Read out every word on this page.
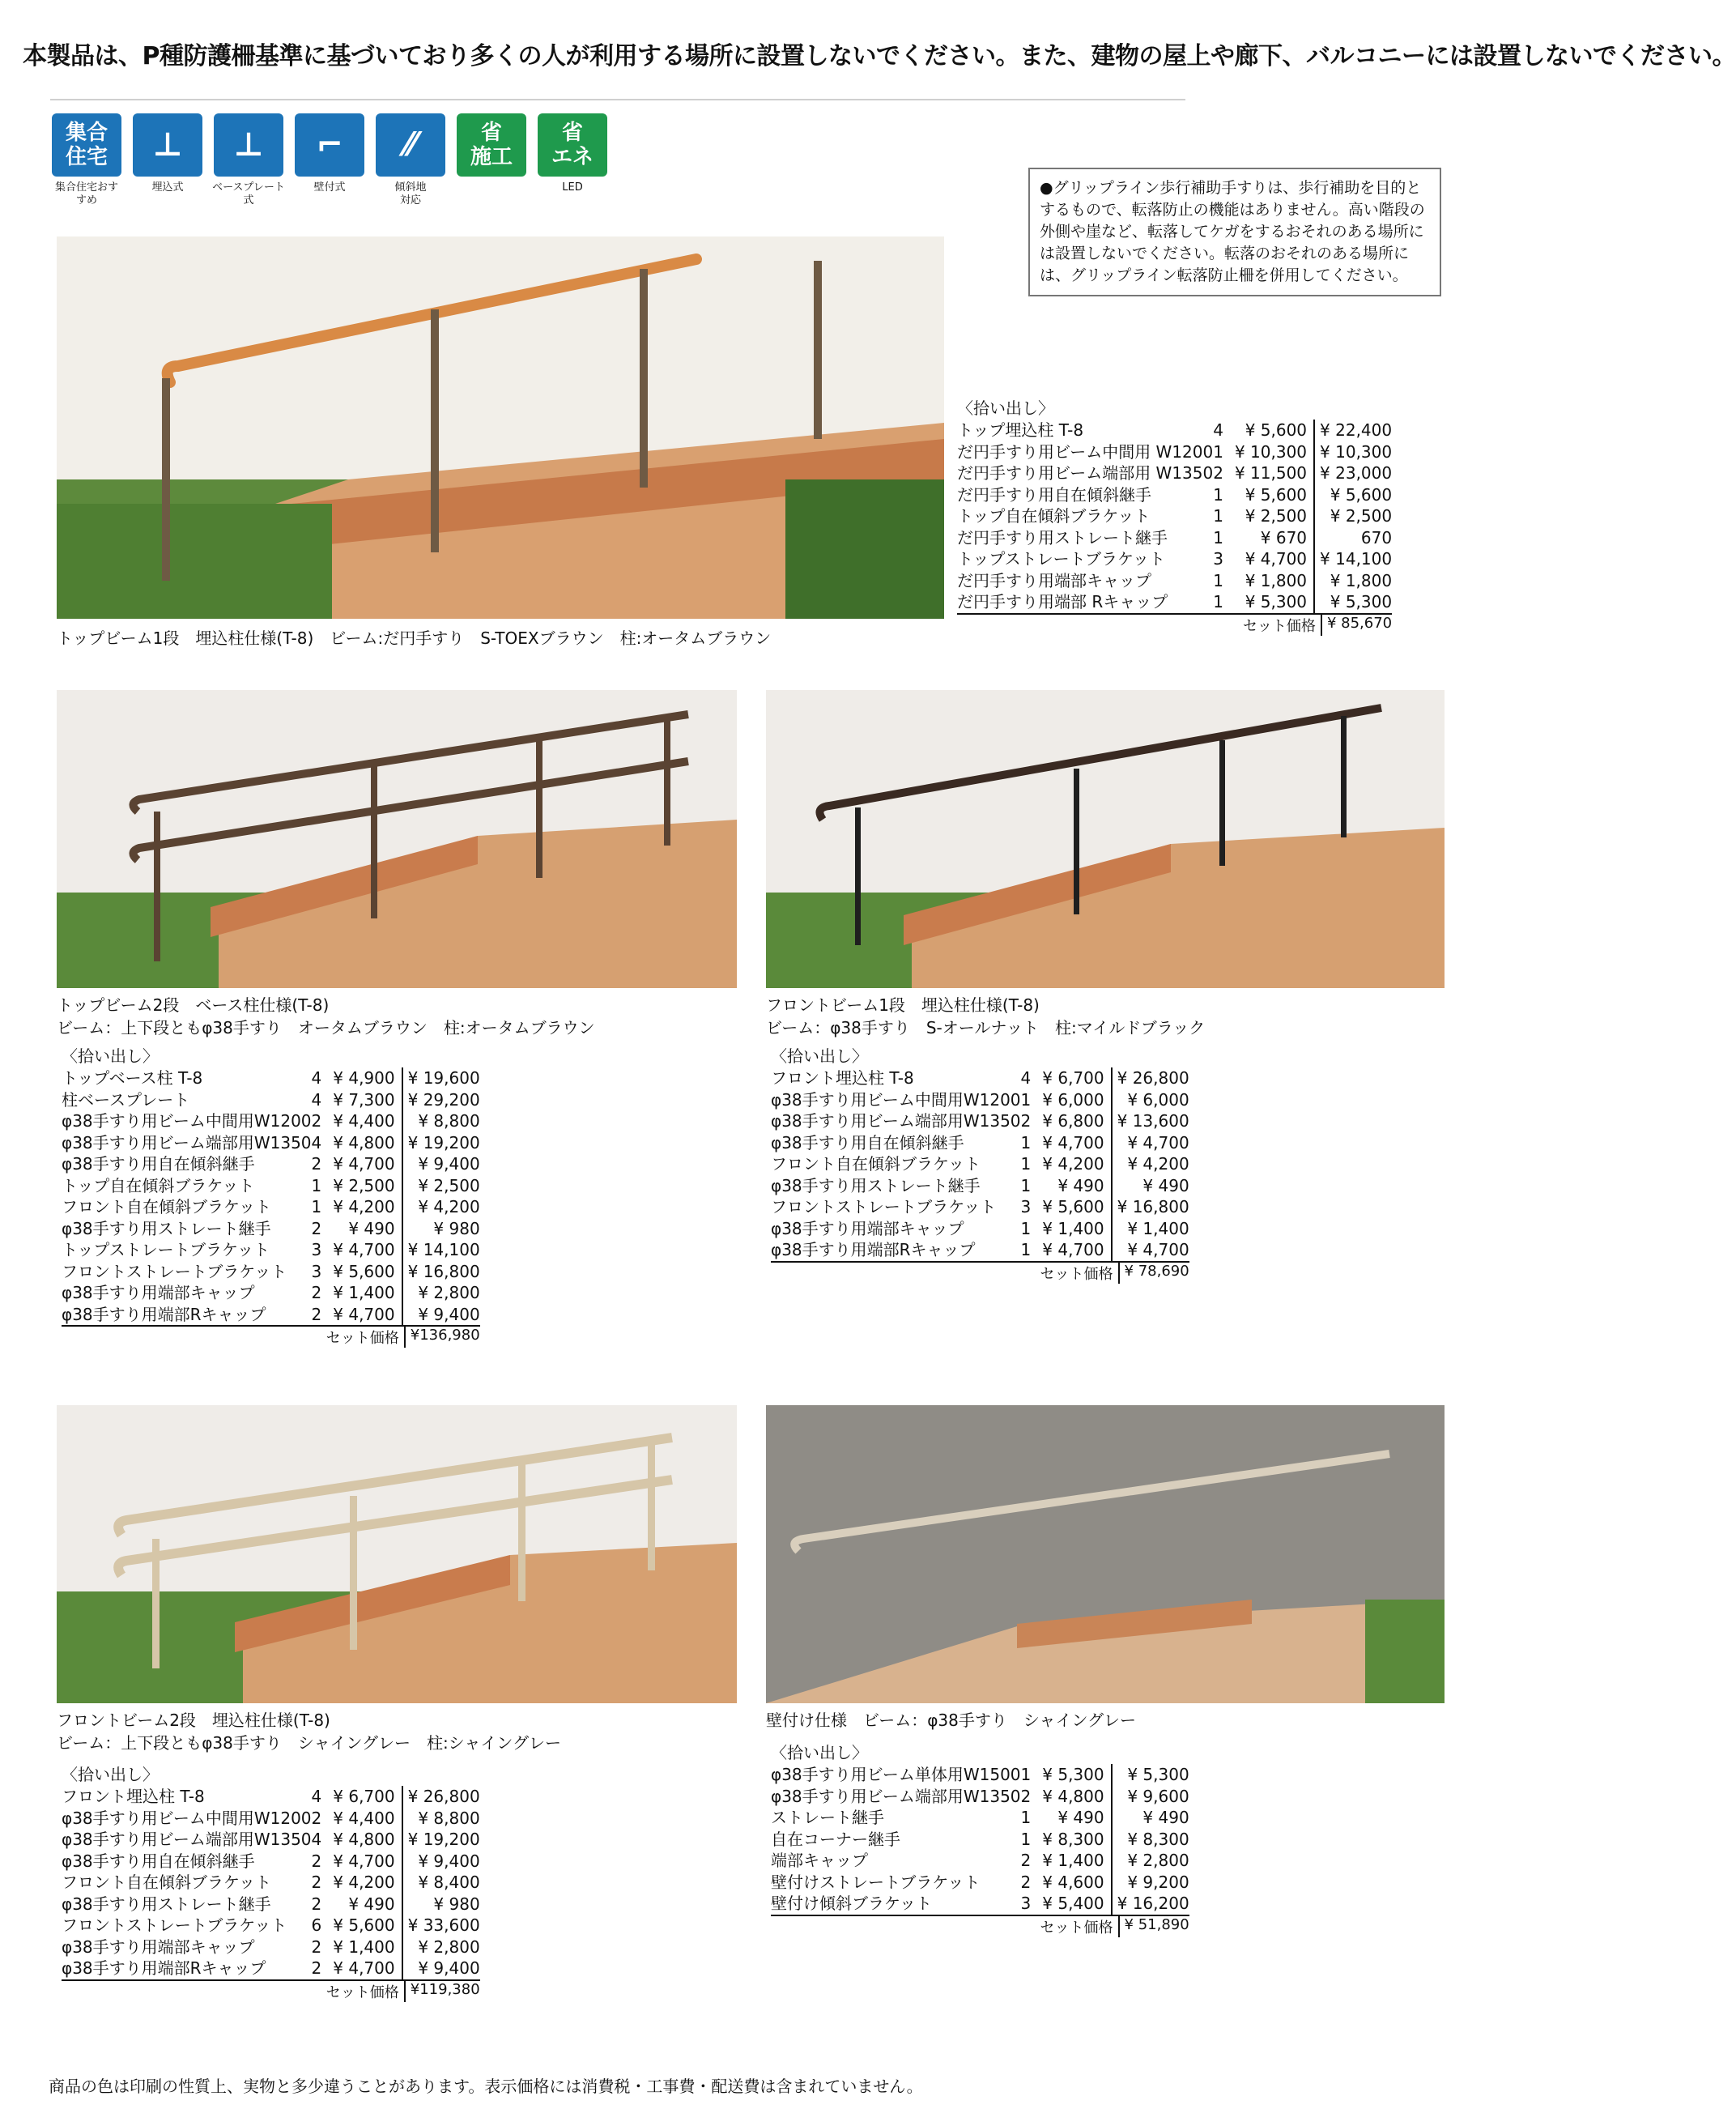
本製品は、P種防護柵基準に基づいており多くの人が利用する場所に設置しないでください。また、建物の屋上や廊下、バルコニーには設置しないでください。
集合
住宅
集合住宅おすすめ
⊥
埋込式
⊥
ベースプレート式
⌐
壁付式
⁄⁄
傾斜地
対応
省
施工
省
エネ
LED	●グリップライン歩行補助手すりは、歩行補助を目的とするもので、転落防止の機能はありません。高い階段の外側や崖など、転落してケガをするおそれのある場所には設置しないでください。転落のおそれのある場所には、グリップライン転落防止柵を併用してください。
トップビーム1段　埋込柱仕様(T-8)　ビーム:だ円手すり　S-TOEXブラウン　柱:オータムブラウン
〈拾い出し〉
トップ埋込柱 T-8	4	¥ 5,600	¥ 22,400
だ円手すり用ビーム中間用 W1200	1	¥ 10,300	¥ 10,300
だ円手すり用ビーム端部用 W1350	2	¥ 11,500	¥ 23,000
だ円手すり用自在傾斜継手	1	¥ 5,600	¥ 5,600
トップ自在傾斜ブラケット	1	¥ 2,500	¥ 2,500
だ円手すり用ストレート継手	1	¥ 670	670
トップストレートブラケット	3	¥ 4,700	¥ 14,100
だ円手すり用端部キャップ	1	¥ 1,800	¥ 1,800
だ円手すり用端部 Rキャップ	1	¥ 5,300	¥ 5,300
セット価格 ¥ 85,670
トップビーム2段　ベース柱仕様(T-8)
ビーム：上下段ともφ38手すり　オータムブラウン　柱:オータムブラウン
〈拾い出し〉
トップベース柱 T-8	4	¥ 4,900	¥ 19,600
柱ベースプレート	4	¥ 7,300	¥ 29,200
φ38手すり用ビーム中間用W1200	2	¥ 4,400	¥ 8,800
φ38手すり用ビーム端部用W1350	4	¥ 4,800	¥ 19,200
φ38手すり用自在傾斜継手	2	¥ 4,700	¥ 9,400
トップ自在傾斜ブラケット	1	¥ 2,500	¥ 2,500
フロント自在傾斜ブラケット	1	¥ 4,200	¥ 4,200
φ38手すり用ストレート継手	2	¥ 490	¥ 980
トップストレートブラケット	3	¥ 4,700	¥ 14,100
フロントストレートブラケット	3	¥ 5,600	¥ 16,800
φ38手すり用端部キャップ	2	¥ 1,400	¥ 2,800
φ38手すり用端部Rキャップ	2	¥ 4,700	¥ 9,400
セット価格 ¥136,980
フロントビーム1段　埋込柱仕様(T-8)
ビーム：φ38手すり　S-オールナット　柱:マイルドブラック
〈拾い出し〉
フロント埋込柱 T-8	4	¥ 6,700	¥ 26,800
φ38手すり用ビーム中間用W1200	1	¥ 6,000	¥ 6,000
φ38手すり用ビーム端部用W1350	2	¥ 6,800	¥ 13,600
φ38手すり用自在傾斜継手	1	¥ 4,700	¥ 4,700
フロント自在傾斜ブラケット	1	¥ 4,200	¥ 4,200
φ38手すり用ストレート継手	1	¥ 490	¥ 490
フロントストレートブラケット	3	¥ 5,600	¥ 16,800
φ38手すり用端部キャップ	1	¥ 1,400	¥ 1,400
φ38手すり用端部Rキャップ	1	¥ 4,700	¥ 4,700
セット価格 ¥ 78,690
フロントビーム2段　埋込柱仕様(T-8)
ビーム：上下段ともφ38手すり　シャイングレー　柱:シャイングレー
〈拾い出し〉
フロント埋込柱 T-8	4	¥ 6,700	¥ 26,800
φ38手すり用ビーム中間用W1200	2	¥ 4,400	¥ 8,800
φ38手すり用ビーム端部用W1350	4	¥ 4,800	¥ 19,200
φ38手すり用自在傾斜継手	2	¥ 4,700	¥ 9,400
フロント自在傾斜ブラケット	2	¥ 4,200	¥ 8,400
φ38手すり用ストレート継手	2	¥ 490	¥ 980
フロントストレートブラケット	6	¥ 5,600	¥ 33,600
φ38手すり用端部キャップ	2	¥ 1,400	¥ 2,800
φ38手すり用端部Rキャップ	2	¥ 4,700	¥ 9,400
セット価格 ¥119,380
壁付け仕様　ビーム：φ38手すり　シャイングレー
〈拾い出し〉
φ38手すり用ビーム単体用W1500	1	¥ 5,300	¥ 5,300
φ38手すり用ビーム端部用W1350	2	¥ 4,800	¥ 9,600
ストレート継手	1	¥ 490	¥ 490
自在コーナー継手	1	¥ 8,300	¥ 8,300
端部キャップ	2	¥ 1,400	¥ 2,800
壁付けストレートブラケット	2	¥ 4,600	¥ 9,200
壁付け傾斜ブラケット	3	¥ 5,400	¥ 16,200
セット価格 ¥ 51,890
商品の色は印刷の性質上、実物と多少違うことがあります。表示価格には消費税・工事費・配送費は含まれていません。
